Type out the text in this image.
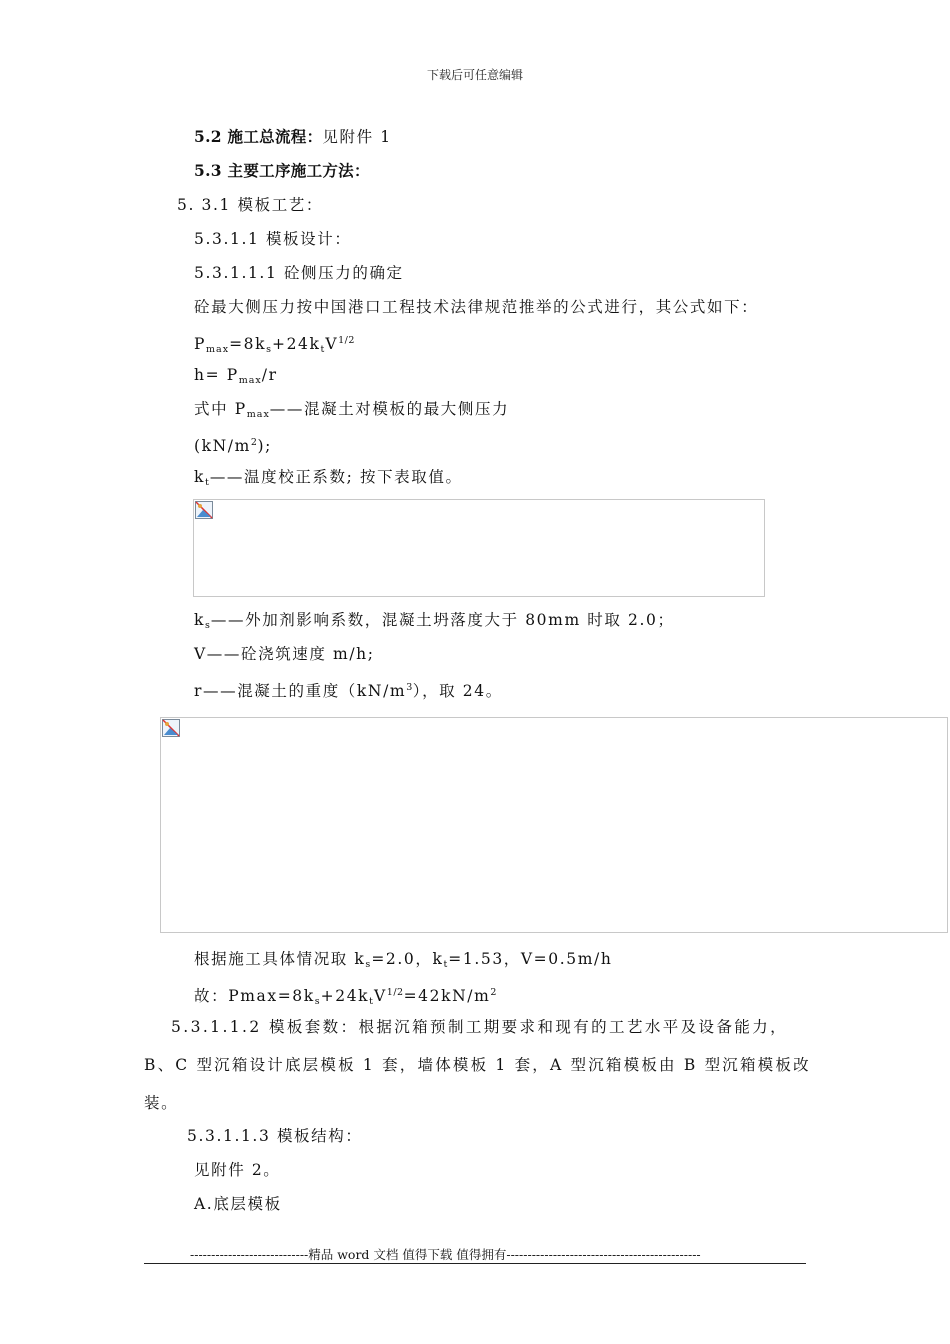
下载后可任意编辑
5.2 施工总流程：见附件 1
5.3 主要工序施工方法：
5. 3.1 模板工艺：
5.3.1.1 模板设计：
5.3.1.1.1 砼侧压力的确定
砼最大侧压力按中国港口工程技术法律规范推举的公式进行，其公式如下：
$P_{max}=8k_s+24k_tV^{1/2}$
$h= P_{max}/r$
式中 $P_{max}——$混凝土对模板的最大侧压力
$(kN/m^2)$;
$k_t——$温度校正系数; 按下表取值。
$k_s——$外加剂影响系数，混凝土坍落度大于 80mm 时取 2.0；
V——砼浇筑速度 m/h;
r——混凝土的重度$(kN/m^3)$，取 24。
根据施工具体情况取 $k_s=2.0$，$k_t=1.53$，V=0.5m/h
故：$Pmax=8k_s+24k_tV^{1/2}=42kN/m^2$
5.3.1.1.2 模板套数：根据沉箱预制工期要求和现有的工艺水平及设备能力，
B、C 型沉箱设计底层模板 1 套，墙体模板 1 套，A 型沉箱模板由 B 型沉箱模板改
装。
5.3.1.1.3 模板结构：
见附件 2。
A.底层模板
----------------------------精品 word 文档 值得下载 值得拥有----------------------------------------------
